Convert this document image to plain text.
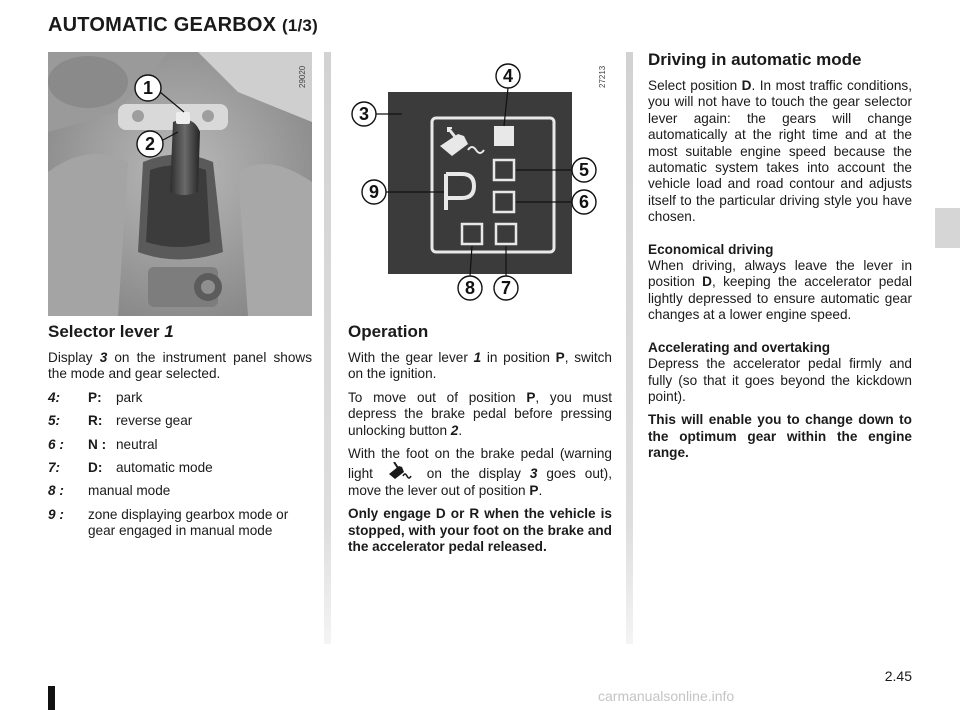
AUTOMATIC GEARBOX (1/3)
1
2
29020
3
4
5
6
7
8
9
27213
Selector lever 1

Display 3 on the instrument panel shows the mode and gear selected.

4:	P:	park
5:	R:	reverse gear
6 :	N : neutral
7:	D:	automatic mode
8 :	manual mode
9 :	zone displaying gearbox mode or gear engaged in manual mode
Operation

With the gear lever 1 in position P, switch on the ignition.

To move out of position P, you must depress the brake pedal before pressing unlocking button 2.

With the foot on the brake pedal (warning light	on the display 3 goes out), move the lever out of position P.

Only engage D or R when the vehicle is stopped, with your foot on the brake and the accelerator pedal released.

Driving in automatic mode

Select position D. In most traffic conditions, you will not have to touch the gear selector lever again: the gears will change automatically at the right time and at the most suitable engine speed because the automatic system takes into account the vehicle load and road contour and adjusts itself to the particular driving style you have chosen.

Economical driving
When driving, always leave the lever in position D, keeping the accelerator pedal lightly depressed to ensure automatic gear changes at a lower engine speed.

Accelerating and overtaking
Depress the accelerator pedal firmly and fully (so that it goes beyond the kickdown point).

This will enable you to change down to the optimum gear within the engine range.

2.45
carmanualsonline.info
